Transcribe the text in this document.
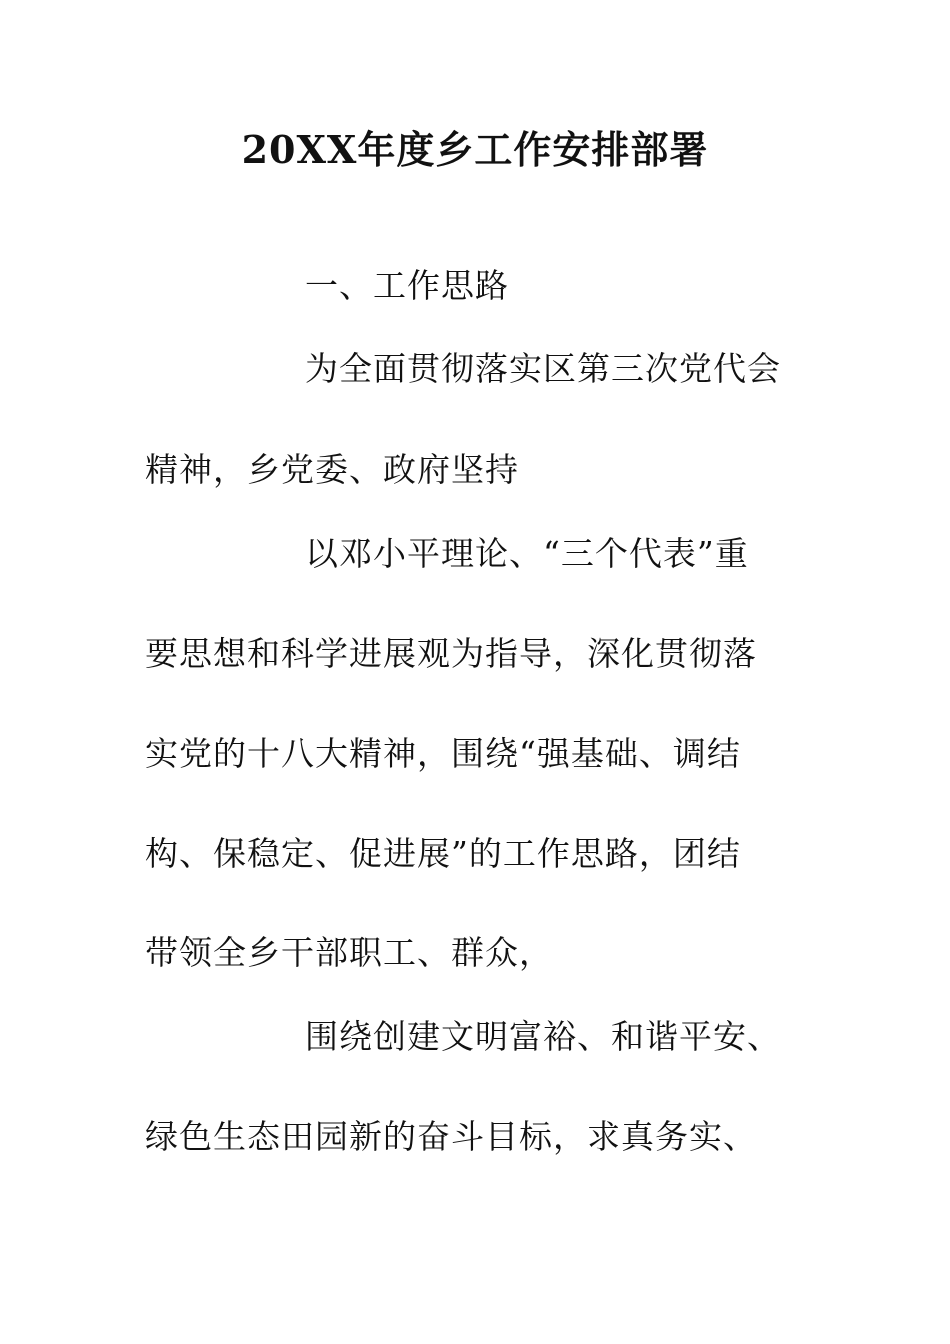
20XX年度乡工作安排部署
一、工作思路
为全面贯彻落实区第三次党代会
精神，乡党委、政府坚持
以邓小平理论、“三个代表”重
要思想和科学进展观为指导，深化贯彻落
实党的十八大精神，围绕“强基础、调结
构、保稳定、促进展”的工作思路，团结
带领全乡干部职工、群众，
围绕创建文明富裕、和谐平安、
绿色生态田园新的奋斗目标，求真务实、
